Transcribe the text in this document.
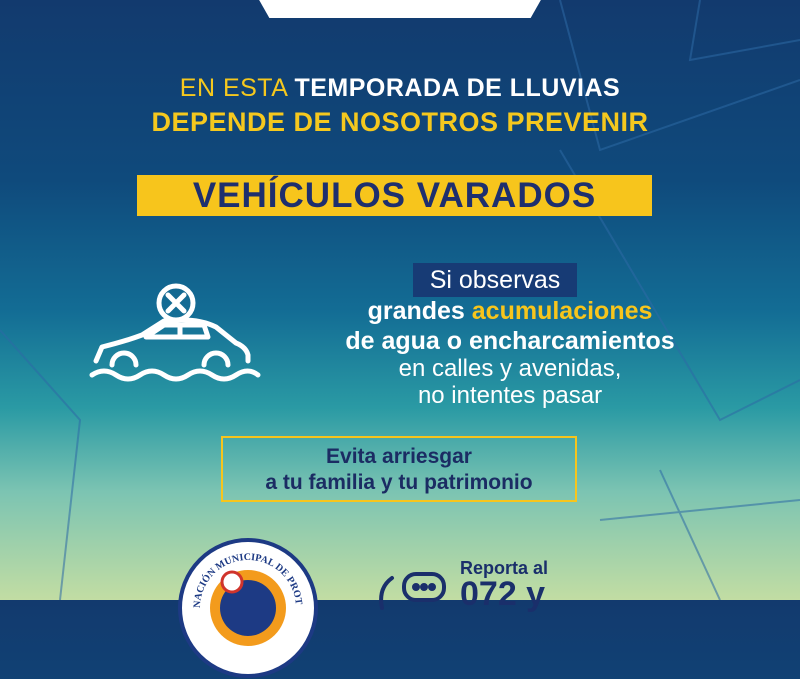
EN ESTA TEMPORADA DE LLUVIAS
DEPENDE DE NOSOTROS PREVENIR
VEHÍCULOS VARADOS
Si observas
grandes acumulaciones
de agua o encharcamientos
en calles y avenidas,
no intentes pasar
Evita arriesgar
a tu familia y tu patrimonio
NACIÓN MUNICIPAL DE PROT
Reporta al
072 y
